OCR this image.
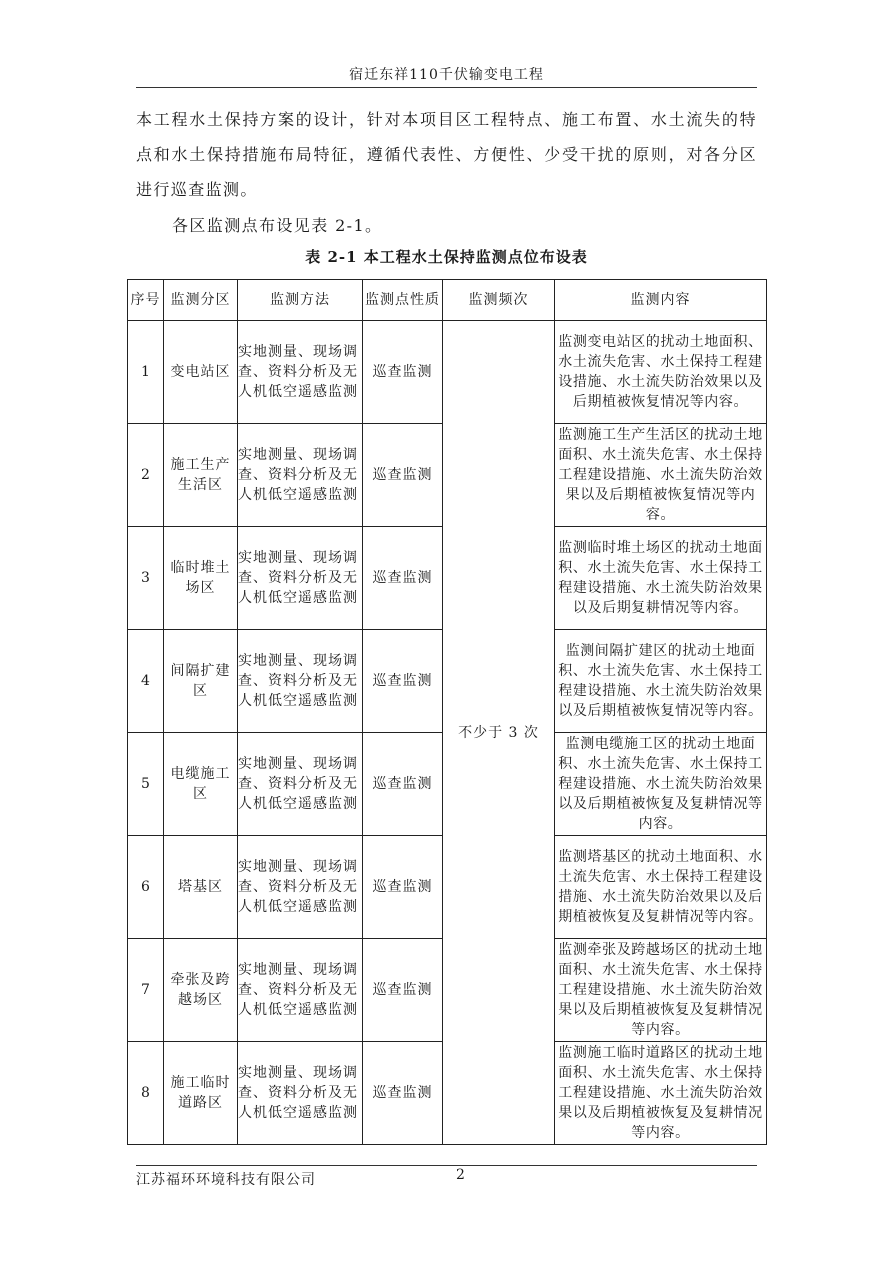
宿迁东祥110千伏输变电工程

本工程水土保持方案的设计，针对本项目区工程特点、施工布置、水土流失的特点和水土保持措施布局特征，遵循代表性、方便性、少受干扰的原则，对各分区进行巡查监测。

各区监测点布设见表 2-1。

表 2-1 本工程水土保持监测点位布设表
序号	监测分区	监测方法	监测点性质	监测频次	监测内容
1	变电站区	实地测量、现场调查、资料分析及无人机低空遥感监测	巡查监测	不少于 3 次	监测变电站区的扰动土地面积、水土流失危害、水土保持工程建设措施、水土流失防治效果以及后期植被恢复情况等内容。
2	施工生产生活区	实地测量、现场调查、资料分析及无人机低空遥感监测	巡查监测		监测施工生产生活区的扰动土地面积、水土流失危害、水土保持工程建设措施、水土流失防治效果以及后期植被恢复情况等内容。
3	临时堆土场区	实地测量、现场调查、资料分析及无人机低空遥感监测	巡查监测		监测临时堆土场区的扰动土地面积、水土流失危害、水土保持工程建设措施、水土流失防治效果以及后期复耕情况等内容。
4	间隔扩建区	实地测量、现场调查、资料分析及无人机低空遥感监测	巡查监测		监测间隔扩建区的扰动土地面积、水土流失危害、水土保持工程建设措施、水土流失防治效果以及后期植被恢复情况等内容。
5	电缆施工区	实地测量、现场调查、资料分析及无人机低空遥感监测	巡查监测		监测电缆施工区的扰动土地面积、水土流失危害、水土保持工程建设措施、水土流失防治效果以及后期植被恢复及复耕情况等内容。
6	塔基区	实地测量、现场调查、资料分析及无人机低空遥感监测	巡查监测		监测塔基区的扰动土地面积、水土流失危害、水土保持工程建设措施、水土流失防治效果以及后期植被恢复及复耕情况等内容。
7	牵张及跨越场区	实地测量、现场调查、资料分析及无人机低空遥感监测	巡查监测		监测牵张及跨越场区的扰动土地面积、水土流失危害、水土保持工程建设措施、水土流失防治效果以及后期植被恢复及复耕情况等内容。
8	施工临时道路区	实地测量、现场调查、资料分析及无人机低空遥感监测	巡查监测		监测施工临时道路区的扰动土地面积、水土流失危害、水土保持工程建设措施、水土流失防治效果以及后期植被恢复及复耕情况等内容。
江苏福环环境科技有限公司	2
